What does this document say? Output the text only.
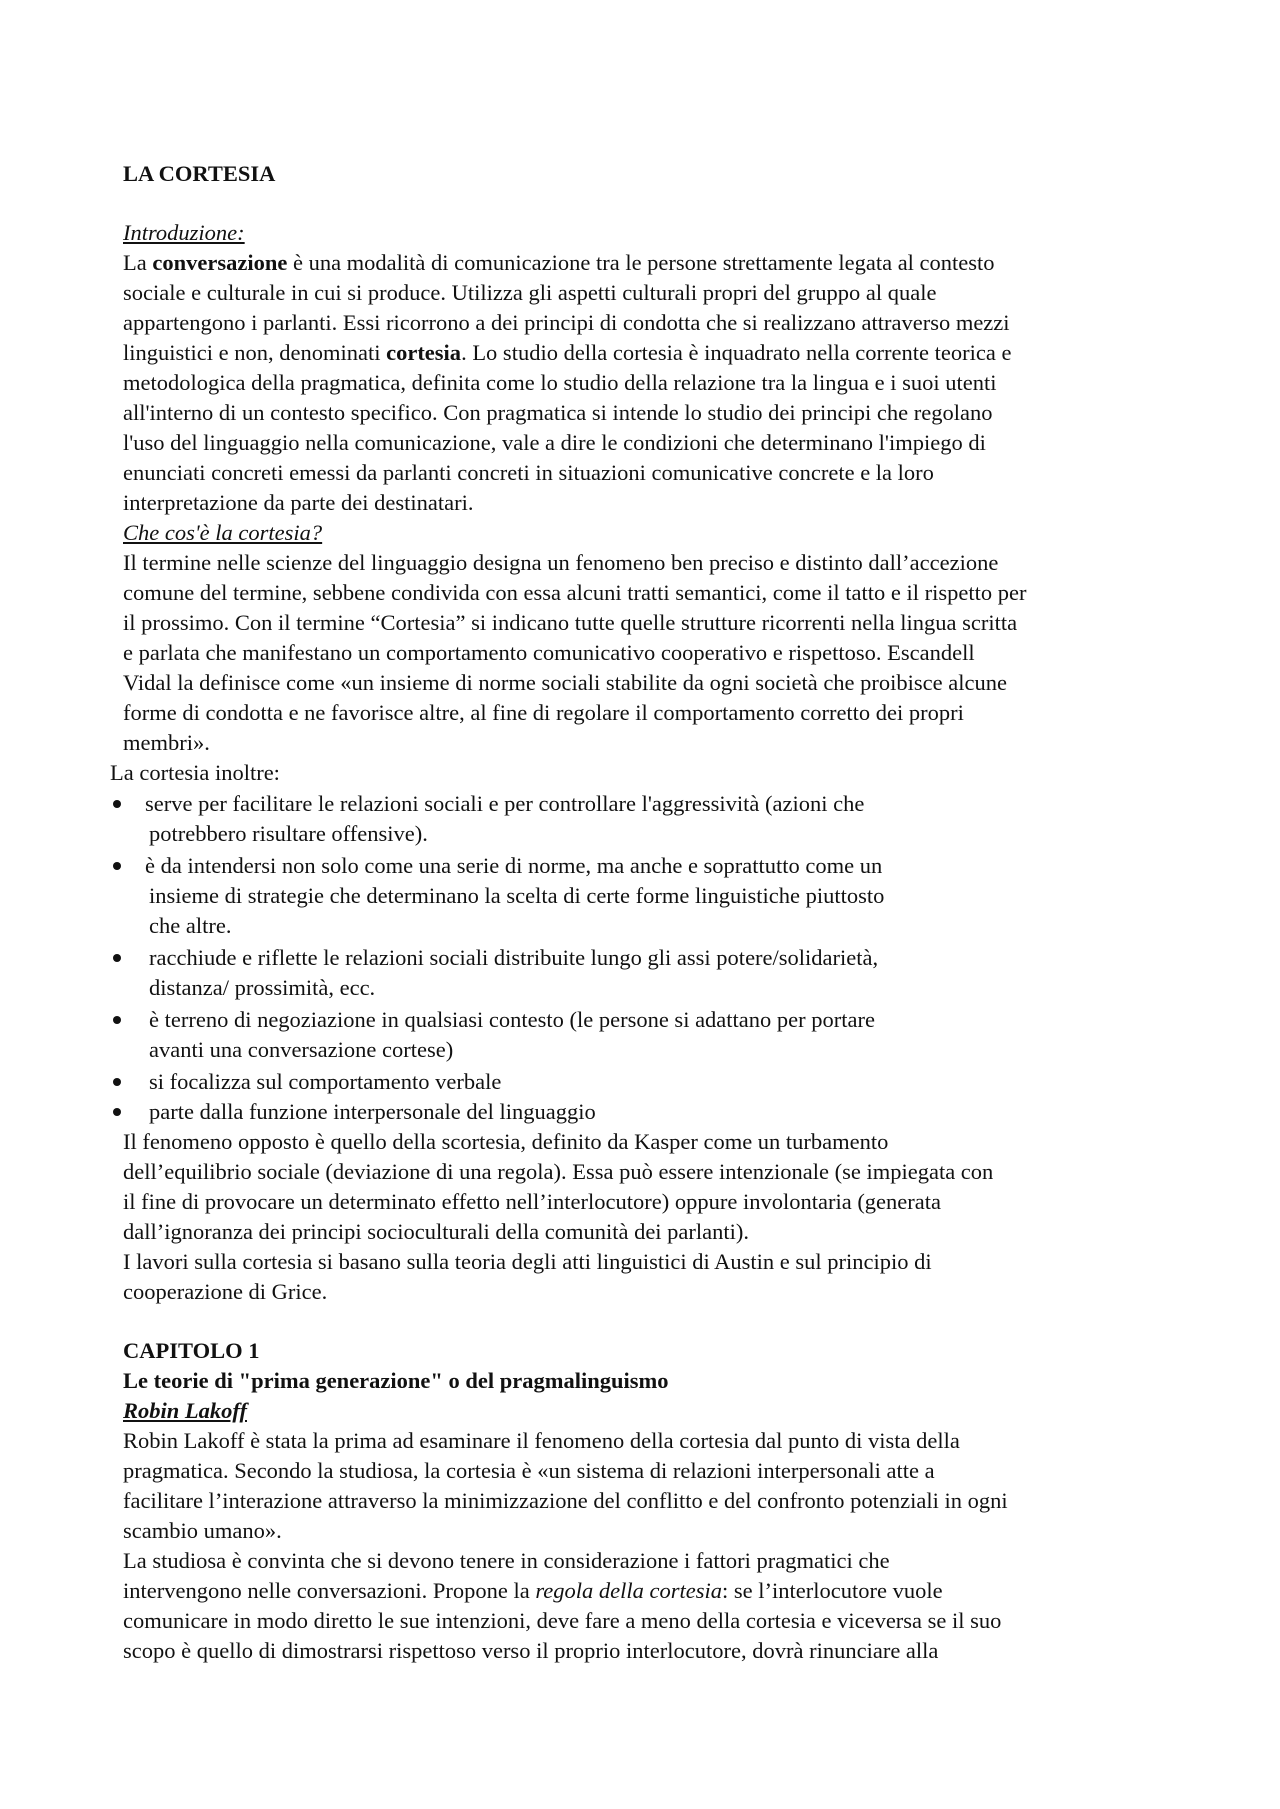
LA CORTESIA

Introduzione:

La conversazione è una modalità di comunicazione tra le persone strettamente legata al contesto

sociale e culturale in cui si produce. Utilizza gli aspetti culturali propri del gruppo al quale

appartengono i parlanti. Essi ricorrono a dei principi di condotta che si realizzano attraverso mezzi

linguistici e non, denominati cortesia. Lo studio della cortesia è inquadrato nella corrente teorica e

metodologica della pragmatica, definita come lo studio della relazione tra la lingua e i suoi utenti

all'interno di un contesto specifico. Con pragmatica si intende lo studio dei principi che regolano

l'uso del linguaggio nella comunicazione, vale a dire le condizioni che determinano l'impiego di

enunciati concreti emessi da parlanti concreti in situazioni comunicative concrete e la loro

interpretazione da parte dei destinatari.

Che cos'è la cortesia?

Il termine nelle scienze del linguaggio designa un fenomeno ben preciso e distinto dall’accezione

comune del termine, sebbene condivida con essa alcuni tratti semantici, come il tatto e il rispetto per

il prossimo. Con il termine “Cortesia” si indicano tutte quelle strutture ricorrenti nella lingua scritta

e parlata che manifestano un comportamento comunicativo cooperativo e rispettoso. Escandell

Vidal la definisce come «un insieme di norme sociali stabilite da ogni società che proibisce alcune

forme di condotta e ne favorisce altre, al fine di regolare il comportamento corretto dei propri

membri».

La cortesia inoltre:

serve per facilitare le relazioni sociali e per controllare l'aggressività (azioni che

potrebbero risultare offensive).

è da intendersi non solo come una serie di norme, ma anche e soprattutto come un

insieme di strategie che determinano la scelta di certe forme linguistiche piuttosto

che altre.

racchiude e riflette le relazioni sociali distribuite lungo gli assi potere/solidarietà,

distanza/ prossimità, ecc.

è terreno di negoziazione in qualsiasi contesto (le persone si adattano per portare

avanti una conversazione cortese)

si focalizza sul comportamento verbale

parte dalla funzione interpersonale del linguaggio

Il fenomeno opposto è quello della scortesia, definito da Kasper come un turbamento

dell’equilibrio sociale (deviazione di una regola). Essa può essere intenzionale (se impiegata con

il fine di provocare un determinato effetto nell’interlocutore) oppure involontaria (generata

dall’ignoranza dei principi socioculturali della comunità dei parlanti).

I lavori sulla cortesia si basano sulla teoria degli atti linguistici di Austin e sul principio di

cooperazione di Grice.

CAPITOLO 1

Le teorie di "prima generazione" o del pragmalinguismo

Robin Lakoff

Robin Lakoff è stata la prima ad esaminare il fenomeno della cortesia dal punto di vista della

pragmatica. Secondo la studiosa, la cortesia è «un sistema di relazioni interpersonali atte a

facilitare l’interazione attraverso la minimizzazione del conflitto e del confronto potenziali in ogni

scambio umano».

La studiosa è convinta che si devono tenere in considerazione i fattori pragmatici che

intervengono nelle conversazioni. Propone la regola della cortesia: se l’interlocutore vuole

comunicare in modo diretto le sue intenzioni, deve fare a meno della cortesia e viceversa se il suo

scopo è quello di dimostrarsi rispettoso verso il proprio interlocutore, dovrà rinunciare alla
